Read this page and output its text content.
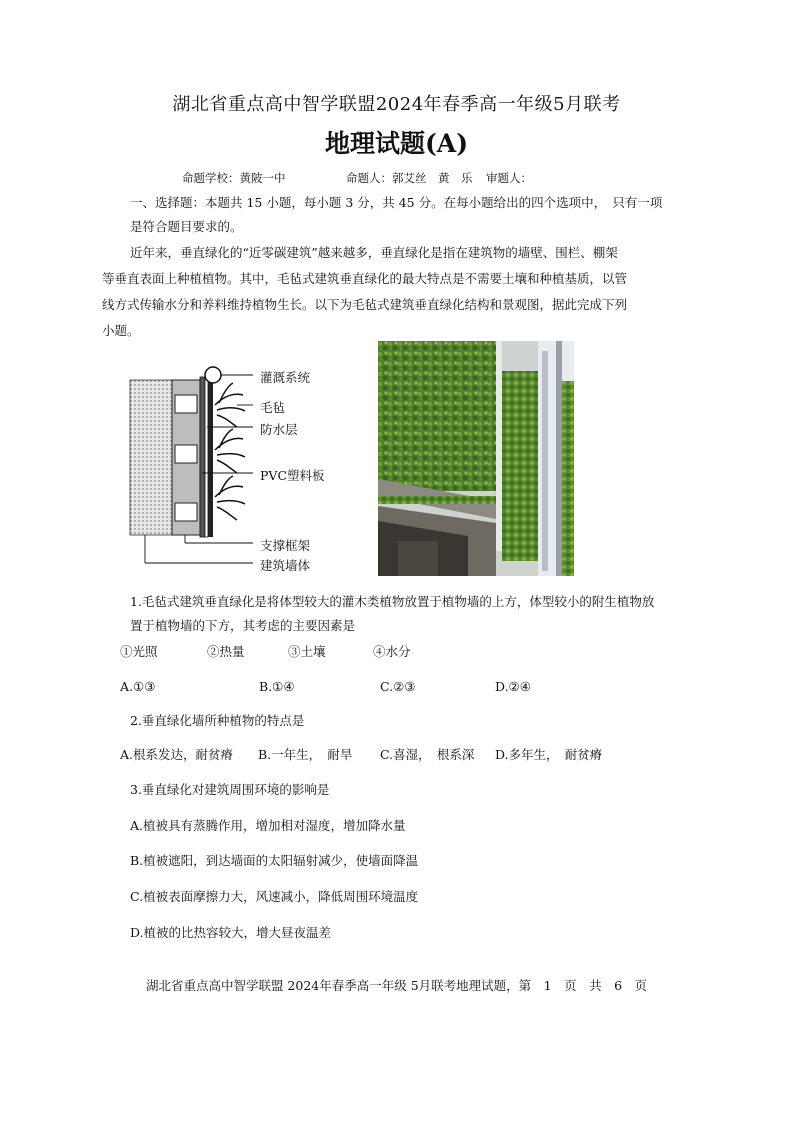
湖北省重点高中智学联盟2024年春季高一年级5月联考
地理试题(A)
命题学校：黄陂一中	命题人：郭艾丝　黄　乐 审题人：
一、选择题：本题共 15 小题，每小题 3 分，共 45 分。在每小题给出的四个选项中，　只有一项
是符合题目要求的。
近年来，垂直绿化的“近零碳建筑”越来越多，垂直绿化是指在建筑物的墙壁、围栏、棚架
等垂直表面上种植植物。其中，毛毡式建筑垂直绿化的最大特点是不需要土壤和种植基质，以管
线方式传输水分和养料维持植物生长。以下为毛毡式建筑垂直绿化结构和景观图，据此完成下列
小题。
灌溉系统
毛毡
防水层
PVC塑料板
支撑框架
建筑墙体
1.毛毡式建筑垂直绿化是将体型较大的灌木类植物放置于植物墙的上方，体型较小的附生植物放
置于植物墙的下方，其考虑的主要因素是
①光照	②热量	③土壤	④水分
A.①③	B.①④	C.②③	D.②④
2.垂直绿化墙所种植物的特点是
A.根系发达，耐贫瘠 B.一年生，　耐旱 C.喜湿，　根系深 D.多年生，　耐贫瘠
3.垂直绿化对建筑周围环境的影响是
A.植被具有蒸腾作用，增加相对湿度，增加降水量
B.植被遮阳，到达墙面的太阳辐射减少，使墙面降温
C.植被表面摩擦力大，风速减小，降低周围环境温度
D.植被的比热容较大，增大昼夜温差
湖北省重点高中智学联盟 2024年春季高一年级 5月联考地理试题，第　1　页　共　6　页
